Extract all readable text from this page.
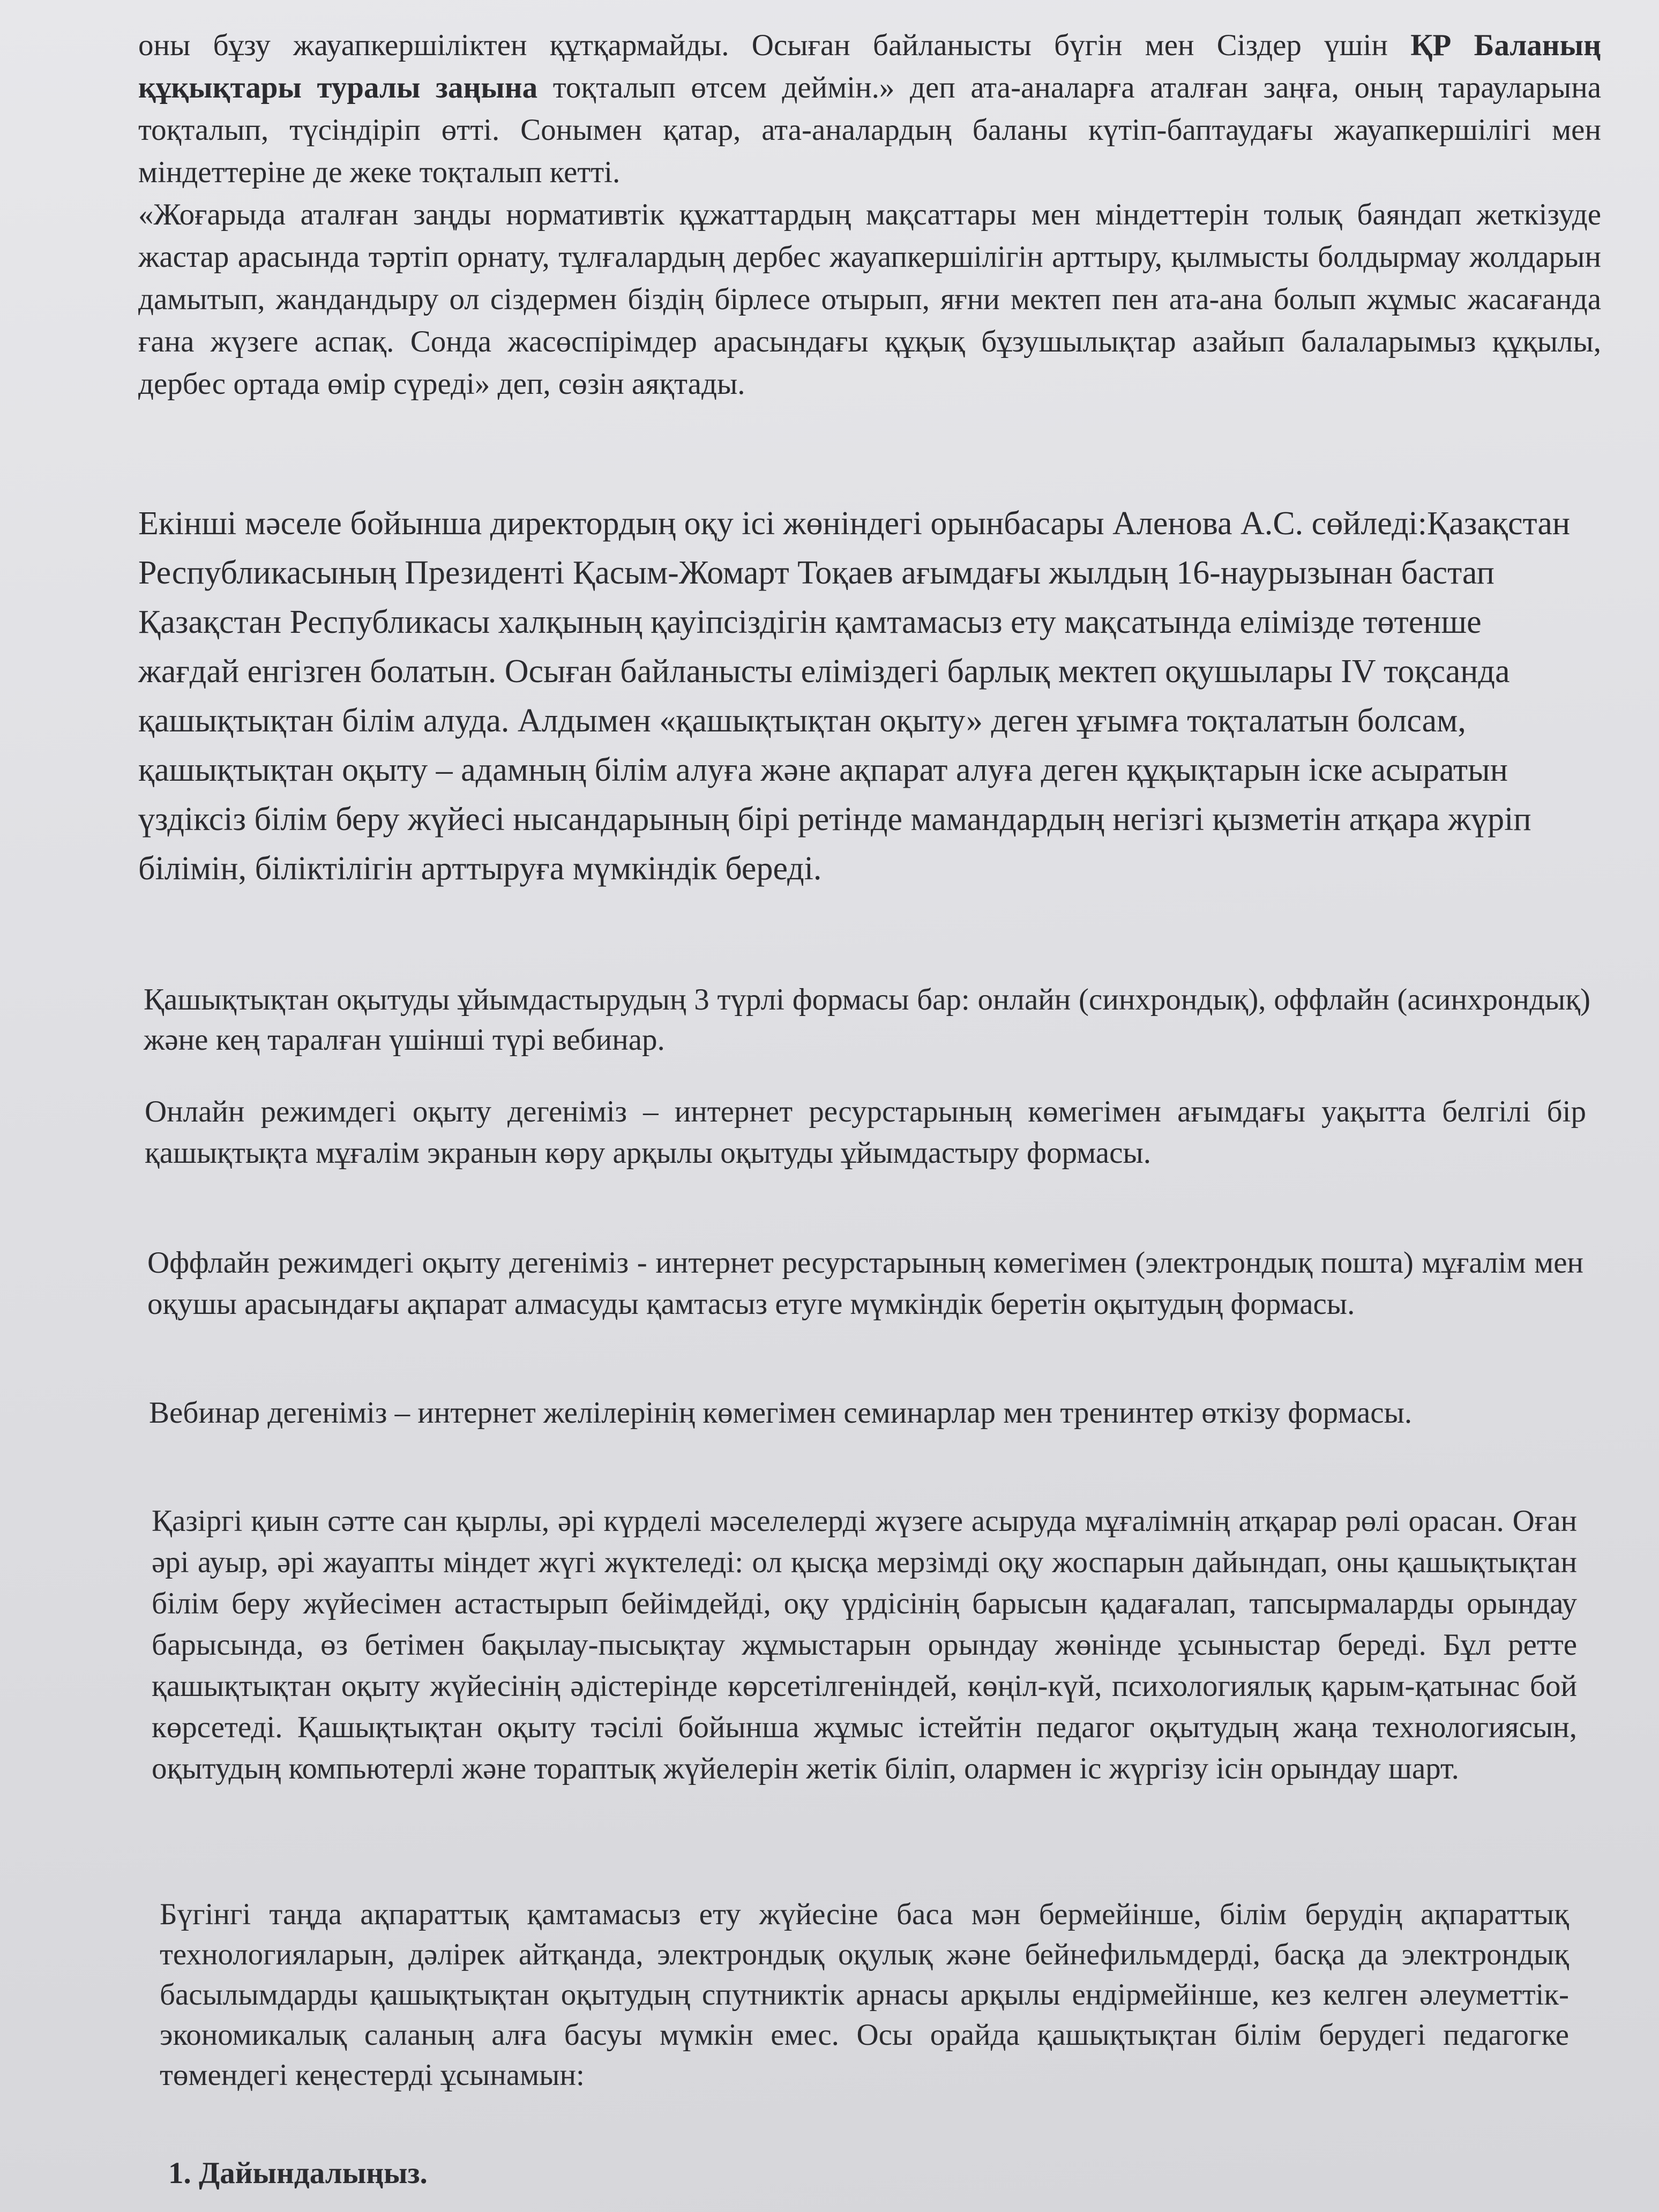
оны бұзу жауапкершіліктен құтқармайды. Осыған байланысты бүгін мен Сіздер үшін ҚР Баланың құқықтары туралы заңына тоқталып өтсем деймін.» деп ата-аналарға аталған заңға, оның тарауларына тоқталып, түсіндіріп өтті. Сонымен қатар, ата-аналардың баланы күтіп-баптаудағы жауапкершілігі мен міндеттеріне де жеке тоқталып кетті.

«Жоғарыда аталған заңды нормативтік құжаттардың мақсаттары мен міндеттерін толық баяндап жеткізуде жастар арасында тәртіп орнату, тұлғалардың дербес жауапкершілігін арттыру, қылмысты болдырмау жолдарын дамытып, жандандыру ол сіздермен біздің бірлесе отырып, яғни мектеп пен ата-ана болып жұмыс жасағанда ғана жүзеге аспақ. Сонда жасөспірімдер арасындағы құқық бұзушылықтар азайып балаларымыз құқылы, дербес ортада өмір сүреді» деп, сөзін аяқтады.

Екінші мәселе бойынша директордың оқу ісі жөніндегі орынбасары Аленова А.С. сөйледі:Қазақстан Республикасының Президенті Қасым-Жомарт Тоқаев ағымдағы жылдың 16-наурызынан бастап Қазақстан Республикасы халқының қауіпсіздігін қамтамасыз ету мақсатында елімізде төтенше жағдай енгізген болатын. Осыған байланысты еліміздегі барлық мектеп оқушылары IV тоқсанда қашықтықтан білім алуда. Алдымен «қашықтықтан оқыту» деген ұғымға тоқталатын болсам, қашықтықтан оқыту – адамның білім алуға және ақпарат алуға деген құқықтарын іске асыратын үздіксіз білім беру жүйесі нысандарының бірі ретінде мамандардың негізгі қызметін атқара жүріп білімін, біліктілігін арттыруға мүмкіндік береді.

Қашықтықтан оқытуды ұйымдастырудың 3 түрлі формасы бар: онлайн (синхрондық), оффлайн (асинхрондық) және кең таралған үшінші түрі вебинар.

Онлайн режимдегі оқыту дегеніміз – интернет ресурстарының көмегімен ағымдағы уақытта белгілі бір қашықтықта мұғалім экранын көру арқылы оқытуды ұйымдастыру формасы.

Оффлайн режимдегі оқыту дегеніміз - интернет ресурстарының көмегімен (электрондық пошта) мұғалім мен оқушы арасындағы ақпарат алмасуды қамтасыз етуге мүмкіндік беретін оқытудың формасы.

Вебинар дегеніміз – интернет желілерінің көмегімен семинарлар мен тренинтер өткізу формасы.

Қазіргі қиын сәтте сан қырлы, әрі күрделі мәселелерді жүзеге асыруда мұғалімнің атқарар рөлі орасан. Оған әрі ауыр, әрі жауапты міндет жүгі жүктеледі: ол қысқа мерзімді оқу жоспарын дайындап, оны қашықтықтан білім беру жүйесімен астастырып бейімдейді, оқу үрдісінің барысын қадағалап, тапсырмаларды орындау барысында, өз бетімен бақылау-пысықтау жұмыстарын орындау жөнінде ұсыныстар береді. Бұл ретте қашықтықтан оқыту жүйесінің әдістерінде көрсетілгеніндей, көңіл-күй, психологиялық қарым-қатынас бой көрсетеді. Қашықтықтан оқыту тәсілі бойынша жұмыс істейтін педагог оқытудың жаңа технологиясын, оқытудың компьютерлі және тораптық жүйелерін жетік біліп, олармен іс жүргізу ісін орындау шарт.

Бүгінгі таңда ақпараттық қамтамасыз ету жүйесіне баса мән бермейінше, білім берудің ақпараттық технологияларын, дәлірек айтқанда, электрондық оқулық және бейнефильмдерді, басқа да электрондық басылымдарды қашықтықтан оқытудың спутниктік арнасы арқылы ендірмейінше, кез келген әлеуметтік-экономикалық саланың алға басуы мүмкін емес. Осы орайда қашықтықтан білім берудегі педагогке төмендегі кеңестерді ұсынамын:

1. Дайындалыңыз.
